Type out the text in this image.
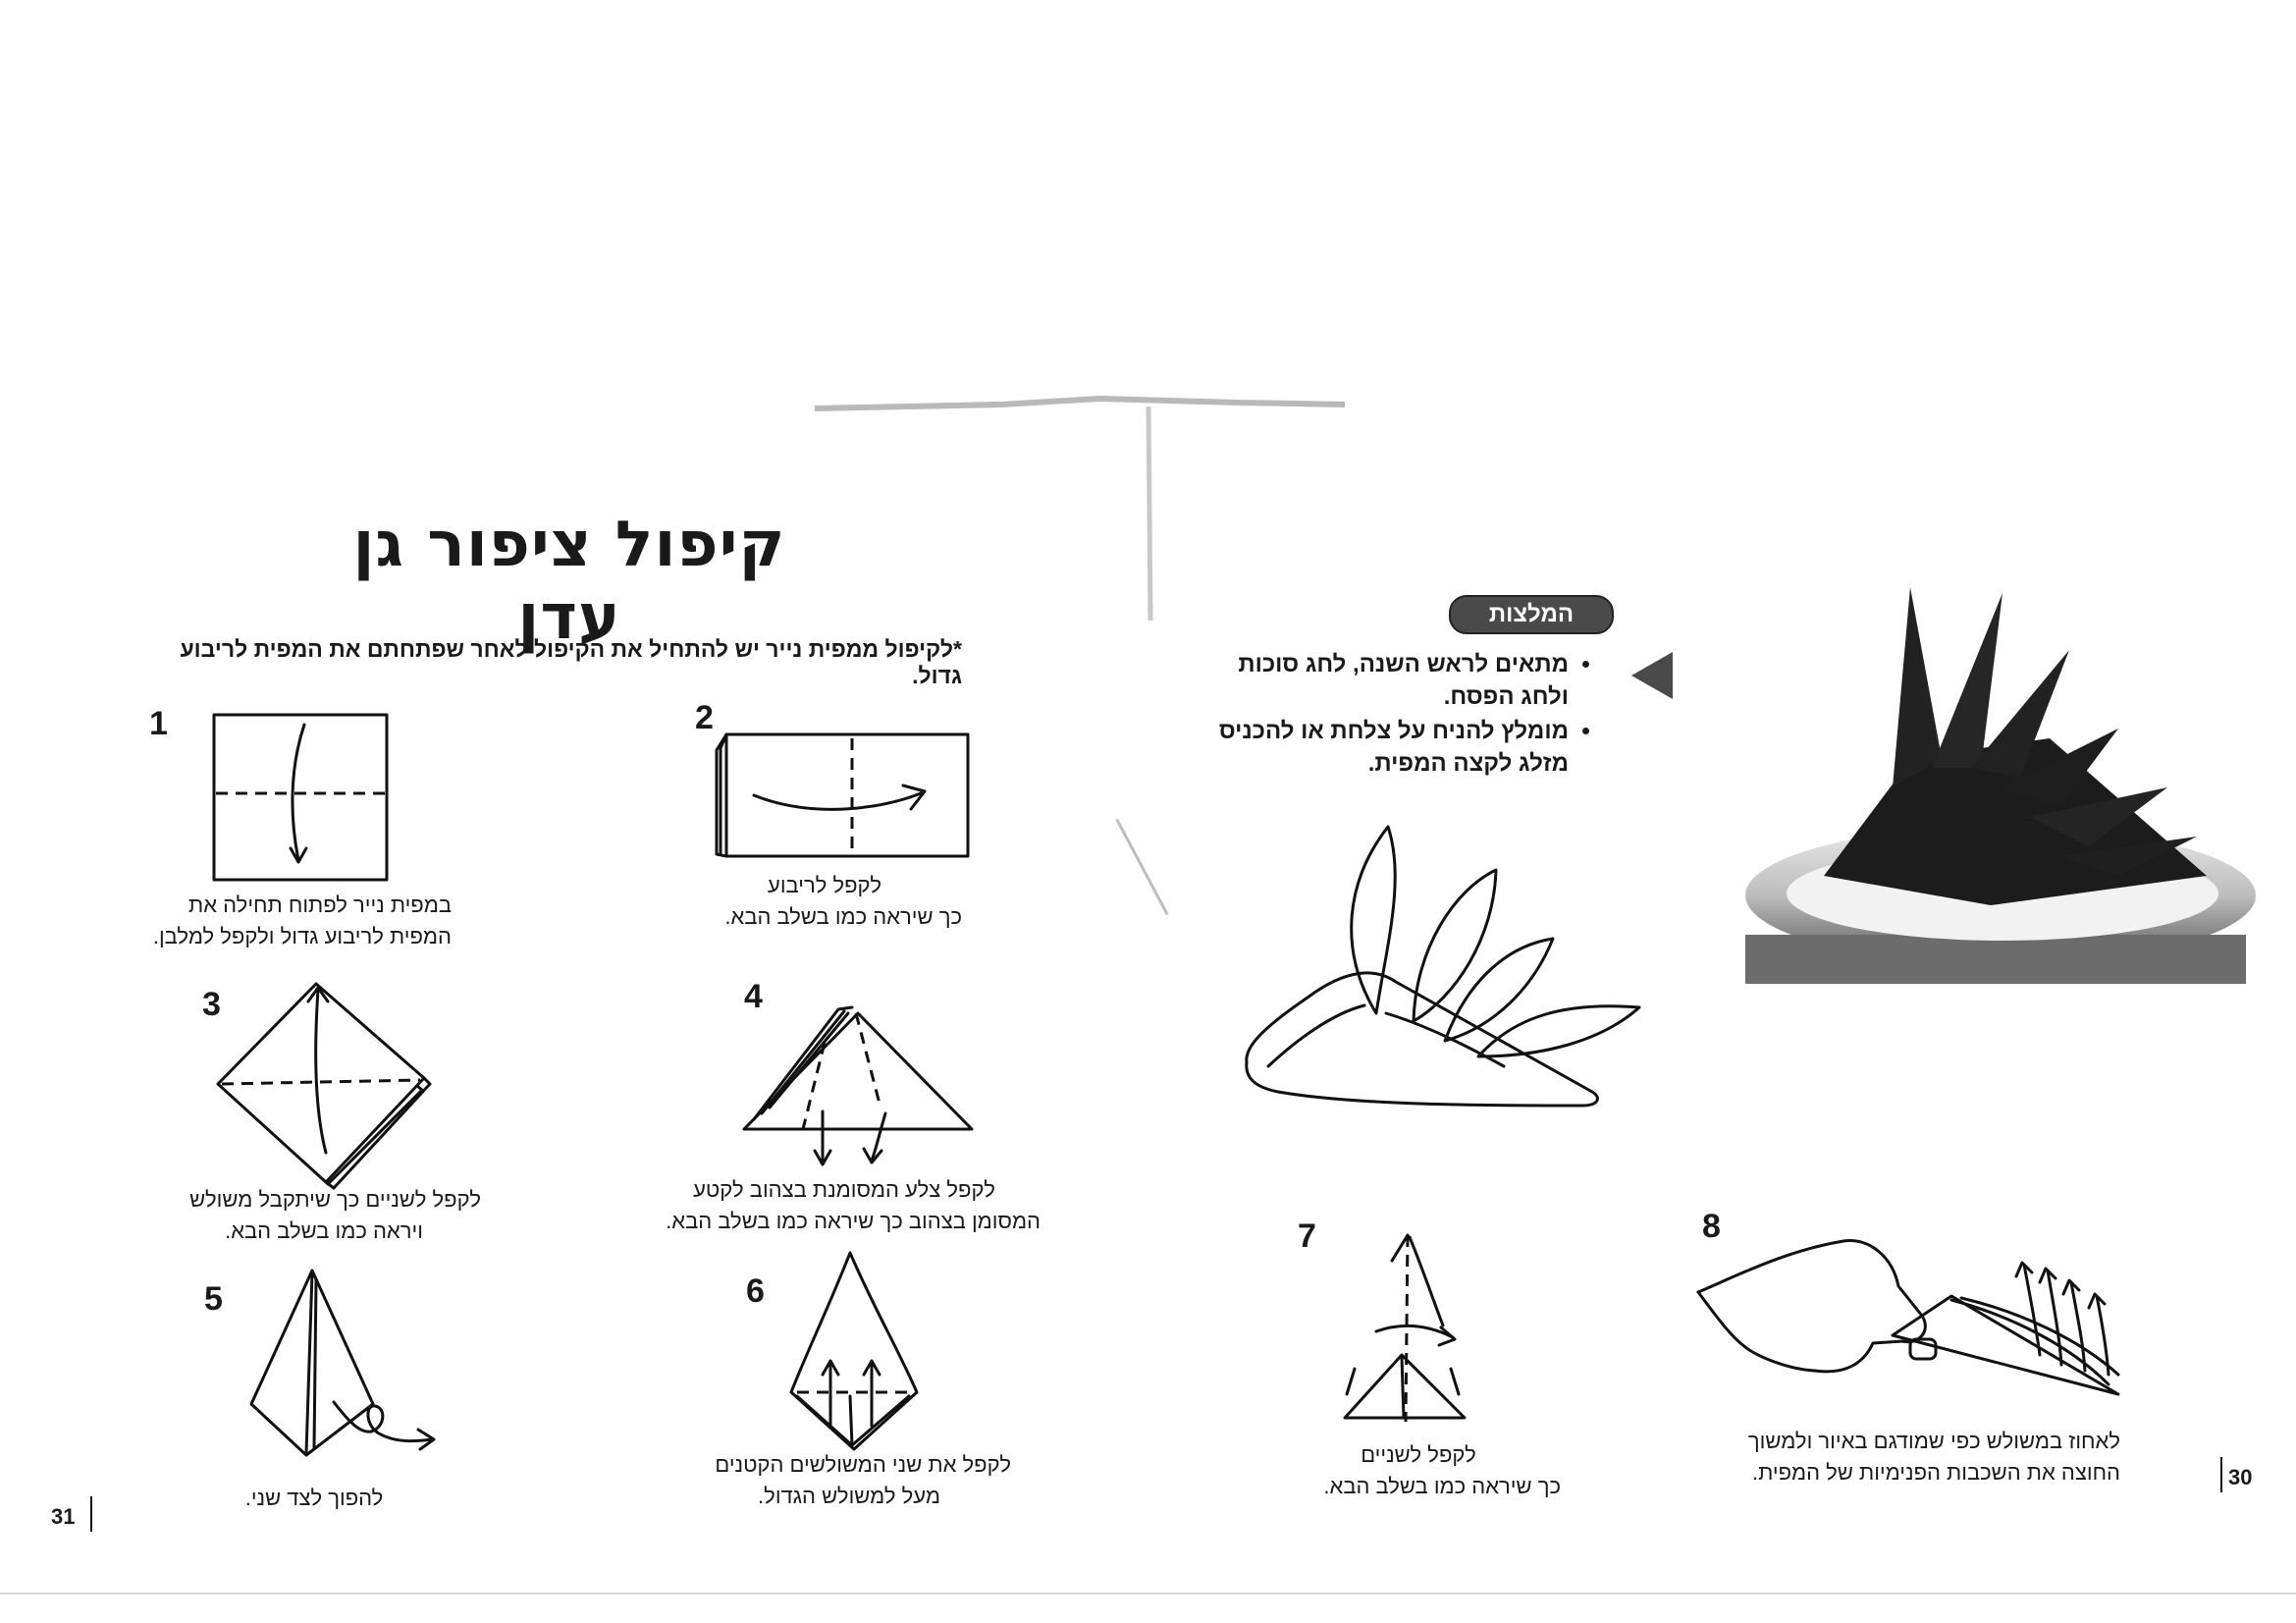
קיפול ציפור גן עדן
*לקיפול ממפית נייר יש להתחיל את הקיפול לאחר שפתחתם את המפית לריבוע גדול.
1
במפית נייר לפתוח תחילה את
המפית לריבוע גדול ולקפל למלבן.
2
לקפל לריבוע
כך שיראה כמו בשלב הבא.
3
לקפל לשניים כך שיתקבל משולש
ויראה כמו בשלב הבא.
4
לקפל צלע המסומנת בצהוב לקטע
המסומן בצהוב כך שיראה כמו בשלב הבא.
5
להפוך לצד שני.
6
לקפל את שני המשולשים הקטנים
מעל למשולש הגדול.
31
המלצות
• מתאים לראש השנה, לחג סוכות
ולחג הפסח.
• מומלץ להניח על צלחת או להכניס
מזלג לקצה המפית.
7
לקפל לשניים
כך שיראה כמו בשלב הבא.
8
לאחוז במשולש כפי שמודגם באיור ולמשוך
החוצה את השכבות הפנימיות של המפית.	30
